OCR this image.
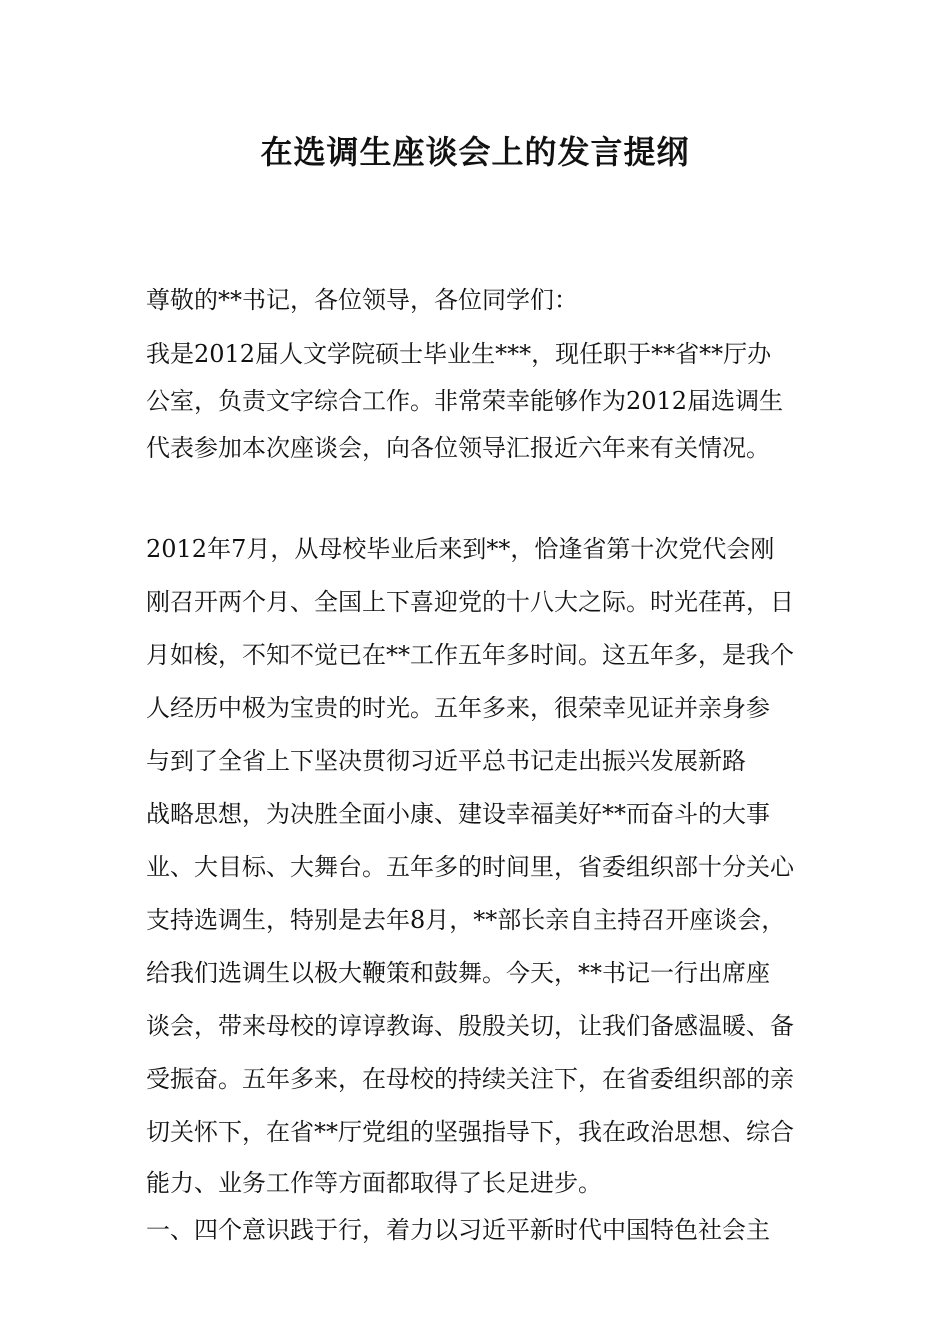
在选调生座谈会上的发言提纲

尊敬的**书记，各位领导，各位同学们：

我是2012届人文学院硕士毕业生***，现任职于**省**厅办

公室，负责文字综合工作。非常荣幸能够作为2012届选调生

代表参加本次座谈会，向各位领导汇报近六年来有关情况。

2012年7月，从母校毕业后来到**，恰逢省第十次党代会刚

刚召开两个月、全国上下喜迎党的十八大之际。时光荏苒，日

月如梭，不知不觉已在**工作五年多时间。这五年多，是我个

人经历中极为宝贵的时光。五年多来，很荣幸见证并亲身参

与到了全省上下坚决贯彻习近平总书记走出振兴发展新路

战略思想，为决胜全面小康、建设幸福美好**而奋斗的大事

业、大目标、大舞台。五年多的时间里，省委组织部十分关心

支持选调生，特别是去年8月，**部长亲自主持召开座谈会，

给我们选调生以极大鞭策和鼓舞。今天，**书记一行出席座

谈会，带来母校的谆谆教诲、殷殷关切，让我们备感温暖、备

受振奋。五年多来，在母校的持续关注下，在省委组织部的亲

切关怀下，在省**厅党组的坚强指导下，我在政治思想、综合

能力、业务工作等方面都取得了长足进步。

一、四个意识践于行，着力以习近平新时代中国特色社会主
